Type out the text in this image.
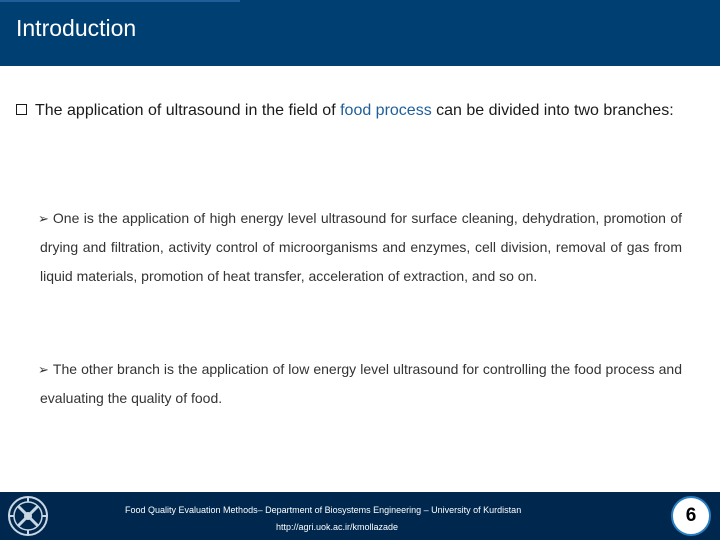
Introduction
The application of ultrasound in the field of food process can be divided into two branches:
➢ One is the application of high energy level ultrasound for surface cleaning, dehydration, promotion of drying and filtration, activity control of microorganisms and enzymes, cell division, removal of gas from liquid materials, promotion of heat transfer, acceleration of extraction, and so on.
➢ The other branch is the application of low energy level ultrasound for controlling the food process and evaluating the quality of food.
Food Quality Evaluation Methods– Department of Biosystems Engineering – University of Kurdistan
http://agri.uok.ac.ir/kmollazade
6
